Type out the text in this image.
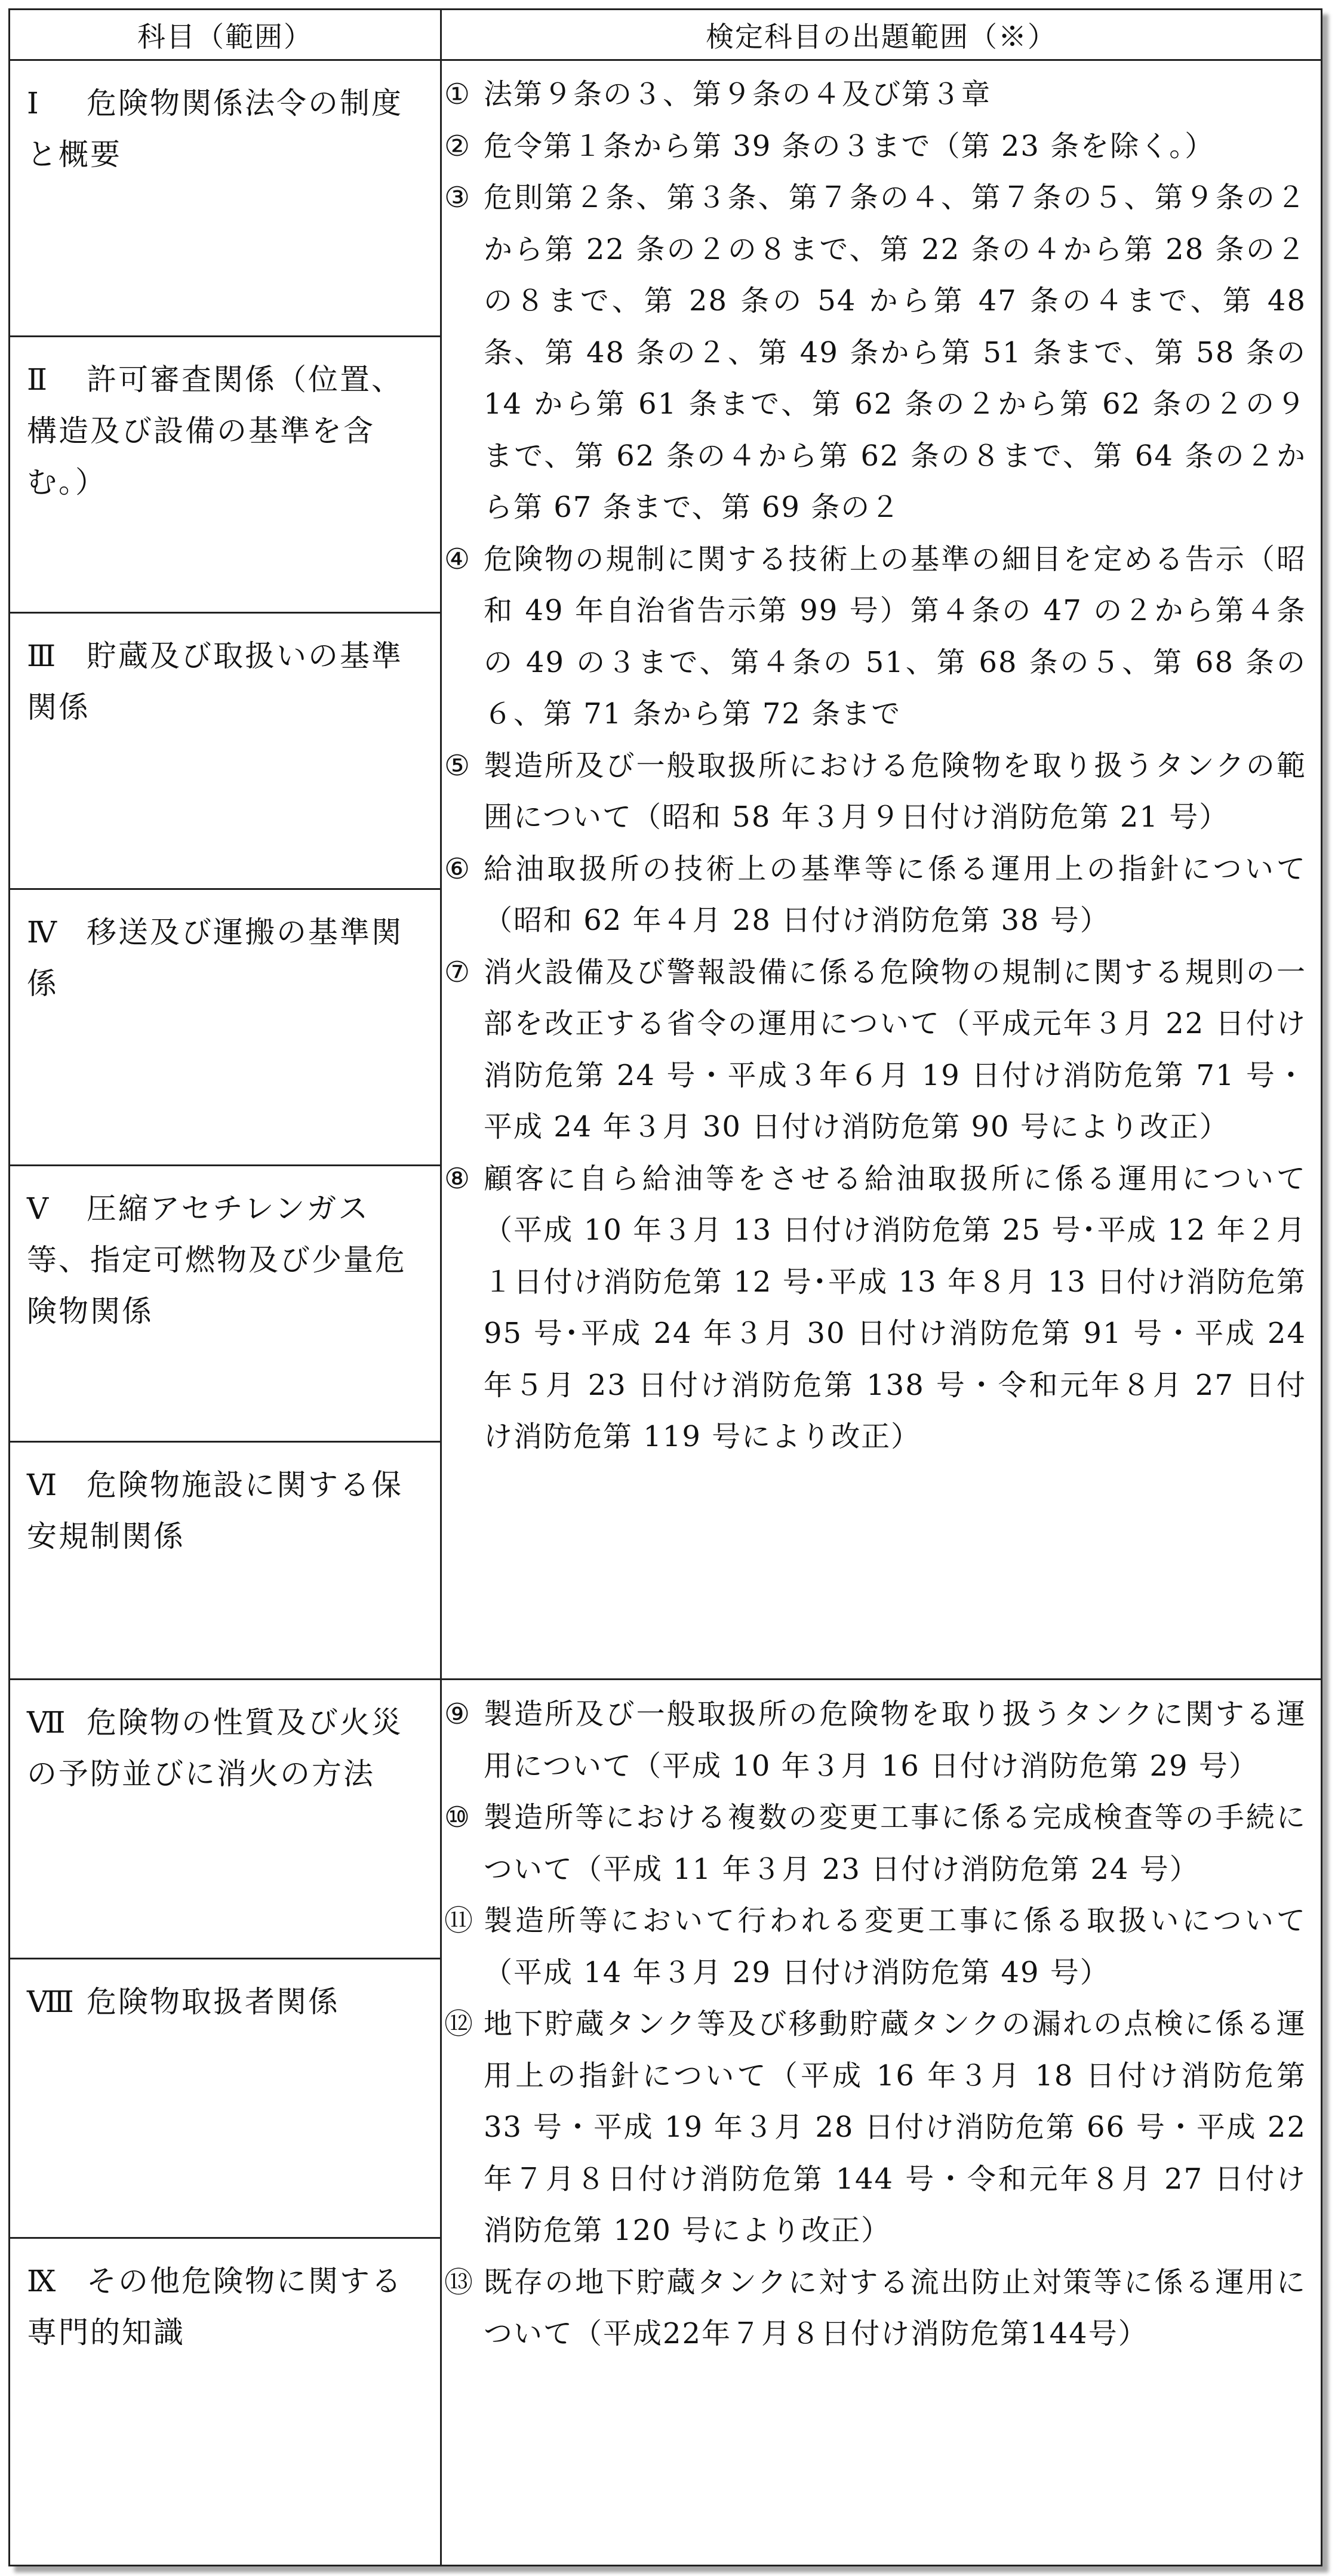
科目（範囲）	検定科目の出題範囲（※）
Ⅰ 危険物関係法令の制度と概要
Ⅱ 許可審査関係（位置、構造及び設備の基準を含む。）
Ⅲ 貯蔵及び取扱いの基準関係
Ⅳ 移送及び運搬の基準関係
Ⅴ 圧縮アセチレンガス等、指定可燃物及び少量危険物関係
Ⅵ 危険物施設に関する保安規制関係
Ⅶ 危険物の性質及び火災の予防並びに消火の方法
Ⅷ 危険物取扱者関係
Ⅸ その他危険物に関する専門的知識
① 法第９条の３、第９条の４及び第３章
② 危令第１条から第 39 条の３まで（第 23 条を除く。）
③ 危則第２条、第３条、第７条の４、第７条の５、第９条の２から第 22 条の２の８まで、第 22 条の４から第 28 条の２の８まで、第 28 条の 54 から第 47 条の４まで、第 48 条、第 48 条の２、第 49 条から第 51 条まで、第 58 条の 14 から第 61 条まで、第 62 条の２から第 62 条の２の９まで、第 62 条の４から第 62 条の８まで、第 64 条の２から第 67 条まで、第 69 条の２
④ 危険物の規制に関する技術上の基準の細目を定める告示（昭和 49 年自治省告示第 99 号）第４条の 47 の２から第４条の 49 の３まで、第４条の 51、第 68 条の５、第 68 条の６、第 71 条から第 72 条まで
⑤ 製造所及び一般取扱所における危険物を取り扱うタンクの範囲について（昭和 58 年３月９日付け消防危第 21 号）
⑥ 給油取扱所の技術上の基準等に係る運用上の指針について（昭和 62 年４月 28 日付け消防危第 38 号）
⑦ 消火設備及び警報設備に係る危険物の規制に関する規則の一部を改正する省令の運用について（平成元年３月 22 日付け消防危第 24 号・平成３年６月 19 日付け消防危第 71 号・平成 24 年３月 30 日付け消防危第 90 号により改正）
⑧ 顧客に自ら給油等をさせる給油取扱所に係る運用について（平成 10 年３月 13 日付け消防危第 25 号･平成 12 年２月１日付け消防危第 12 号･平成 13 年８月 13 日付け消防危第 95 号･平成 24 年３月 30 日付け消防危第 91 号・平成 24 年５月 23 日付け消防危第 138 号・令和元年８月 27 日付け消防危第 119 号により改正）
⑨ 製造所及び一般取扱所の危険物を取り扱うタンクに関する運用について（平成 10 年３月 16 日付け消防危第 29 号）
⑩ 製造所等における複数の変更工事に係る完成検査等の手続について（平成 11 年３月 23 日付け消防危第 24 号）
⑪ 製造所等において行われる変更工事に係る取扱いについて（平成 14 年３月 29 日付け消防危第 49 号）
⑫ 地下貯蔵タンク等及び移動貯蔵タンクの漏れの点検に係る運用上の指針について（平成 16 年３月 18 日付け消防危第 33 号・平成 19 年３月 28 日付け消防危第 66 号・平成 22 年７月８日付け消防危第 144 号・令和元年８月 27 日付け消防危第 120 号により改正）
⑬ 既存の地下貯蔵タンクに対する流出防止対策等に係る運用について（平成22年７月８日付け消防危第144号）
